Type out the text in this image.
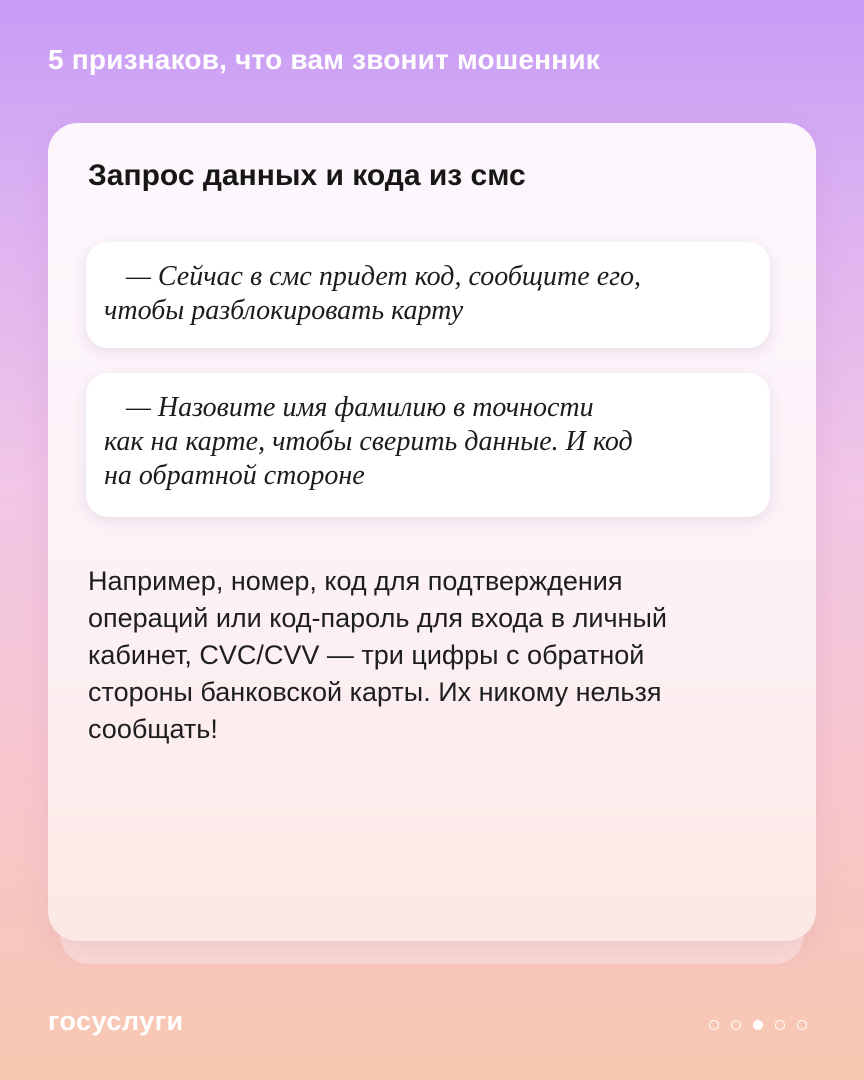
5 признаков, что вам звонит мошенник
Запрос данных и кода из смс
— Сейчас в смс придет код, сообщите его,
чтобы разблокировать карту
— Назовите имя фамилию в точности
как на карте, чтобы сверить данные. И код
на обратной стороне
Например, номер, код для подтверждения
операций или код-пароль для входа в личный
кабинет, CVC/CVV — три цифры с обратной
стороны банковской карты. Их никому нельзя
сообщать!
госуслуги
